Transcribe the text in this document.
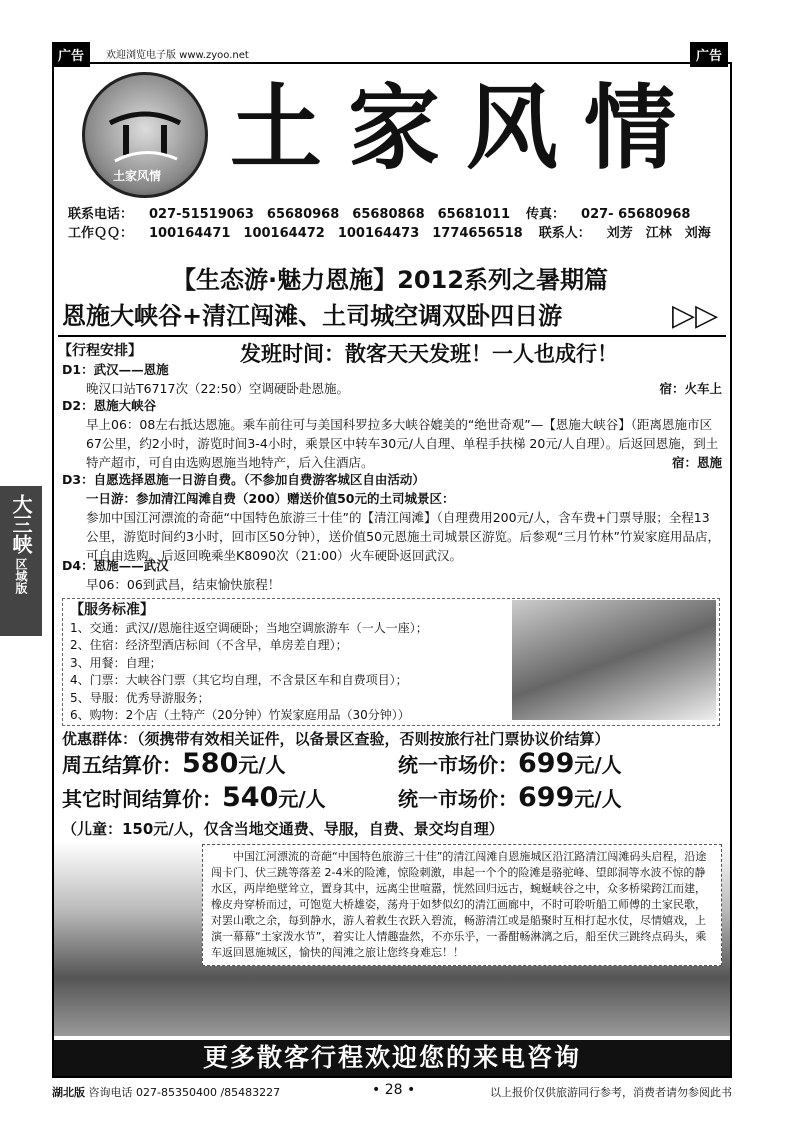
广告	欢迎浏览电子版 www.zyoo.net	广告
土家风情 土家风情
联系电话： 027-51519063　65680968　65680868　65681011 传真： 027- 65680968
工作ＱＱ： 100164471　100164472　100164473　1774656518 联系人： 刘芳　江林　刘海
【生态游·魅力恩施】2012系列之暑期篇
恩施大峡谷+清江闯滩、土司城空调双卧四日游	▷▷
【行程安排】	发班时间：散客天天发班！一人也成行！
D1：武汉——恩施

宿：火车上
晚汉口站T6717次（22:50）空调硬卧赴恩施。

D2：恩施大峡谷

早上06：08左右抵达恩施。乘车前往可与美国科罗拉多大峡谷媲美的“绝世奇观”—【恩施大峡谷】（距离恩施市区67公里，约2小时，游览时间3-4小时，乘景区中转车30元/人自理、单程手扶梯 20元/人自理）。后返回恩施，到土特产超市，可自由选购恩施当地特产，后入住酒店。	宿：恩施

D3：自愿选择恩施一日游自费。（不参加自费游客城区自由活动）

一日游：参加清江闯滩自费（200）赠送价值50元的土司城景区：

参加中国江河漂流的奇葩“中国特色旅游三十佳”的【清江闯滩】（自理费用200元/人，含车费+门票导服；全程13公里，游览时间约3小时，回市区50分钟），送价值50元恩施土司城景区游览。后参观“三月竹林”竹炭家庭用品店，可自由选购。后返回晚乘坐K8090次（21:00）火车硬卧返回武汉。

D4：恩施——武汉

早06：06到武昌，结束愉快旅程！

大三峡
区域版
【服务标准】
1、交通：武汉//恩施往返空调硬卧；当地空调旅游车（一人一座）；
2、住宿：经济型酒店标间（不含早，单房差自理）；
3、用餐：自理；
4、门票：大峡谷门票（其它均自理，不含景区车和自费项目）；
5、导服：优秀导游服务；
6、购物：2个店（土特产（20分钟）竹炭家庭用品（30分钟））
优惠群体：（须携带有效相关证件，以备景区查验，否则按旅行社门票协议价结算）
周五结算价：580元/人	统一市场价：699元/人
其它时间结算价：540元/人	统一市场价：699元/人
（儿童：150元/人，仅含当地交通费、导服，自费、景交均自理）
中国江河漂流的奇葩“中国特色旅游三十佳”的清江闯滩自恩施城区沿江路清江闯滩码头启程，沿途闯卡门、伏三跳等落差 2-4米的险滩，惊险刺激，串起一个个的险滩是骆驼峰、望郎洞等水波不惊的静水区，两岸绝壁耸立，置身其中，远离尘世喧嚣，恍然回归远古，蜿蜒峡谷之中，众多桥梁跨江而建，橡皮舟穿桥而过，可饱览大桥雄姿，荡舟于如梦似幻的清江画廊中，不时可聆听船工师傅的土家民歌，对罢山歌之余，每到静水，游人着救生衣跃入碧流，畅游清江或是船聚时互相打起水仗，尽情嬉戏，上演一幕幕“土家泼水节”，着实让人情趣盎然，不亦乐乎，一番酣畅淋漓之后，船至伏三跳终点码头，乘车返回恩施城区，愉快的闯滩之旅让您终身难忘！！
更多散客行程欢迎您的来电咨询
湖北版 咨询电话 027-85350400 /85483227	• 28 •	以上报价仅供旅游同行参考，消费者请勿参阅此书
